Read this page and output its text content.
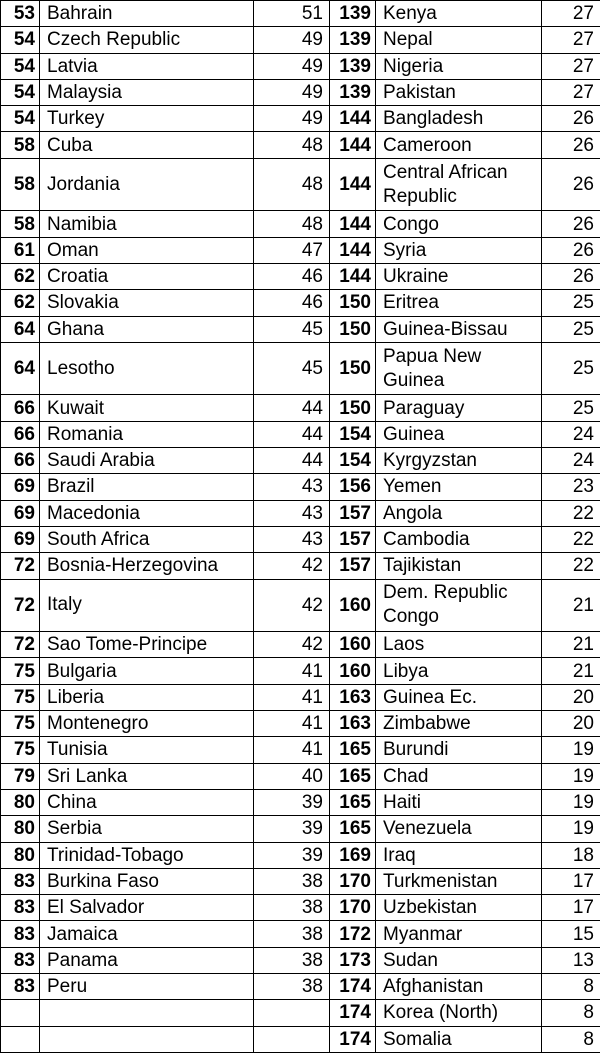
53	Bahrain	51	139	Kenya	27
54	Czech Republic	49	139	Nepal	27
54	Latvia	49	139	Nigeria	27
54	Malaysia	49	139	Pakistan	27
54	Turkey	49	144	Bangladesh	26
58	Cuba	48	144	Cameroon	26
58	Jordania	48	144	Central African Republic	26
58	Namibia	48	144	Congo	26
61	Oman	47	144	Syria	26
62	Croatia	46	144	Ukraine	26
62	Slovakia	46	150	Eritrea	25
64	Ghana	45	150	Guinea-Bissau	25
64	Lesotho	45	150	Papua New Guinea	25
66	Kuwait	44	150	Paraguay	25
66	Romania	44	154	Guinea	24
66	Saudi Arabia	44	154	Kyrgyzstan	24
69	Brazil	43	156	Yemen	23
69	Macedonia	43	157	Angola	22
69	South Africa	43	157	Cambodia	22
72	Bosnia-Herzegovina	42	157	Tajikistan	22
72	Italy	42	160	Dem. Republic Congo	21
72	Sao Tome-Principe	42	160	Laos	21
75	Bulgaria	41	160	Libya	21
75	Liberia	41	163	Guinea Ec.	20
75	Montenegro	41	163	Zimbabwe	20
75	Tunisia	41	165	Burundi	19
79	Sri Lanka	40	165	Chad	19
80	China	39	165	Haiti	19
80	Serbia	39	165	Venezuela	19
80	Trinidad-Tobago	39	169	Iraq	18
83	Burkina Faso	38	170	Turkmenistan	17
83	El Salvador	38	170	Uzbekistan	17
83	Jamaica	38	172	Myanmar	15
83	Panama	38	173	Sudan	13
83	Peru	38	174	Afghanistan	8
			174	Korea (North)	8
			174	Somalia	8
